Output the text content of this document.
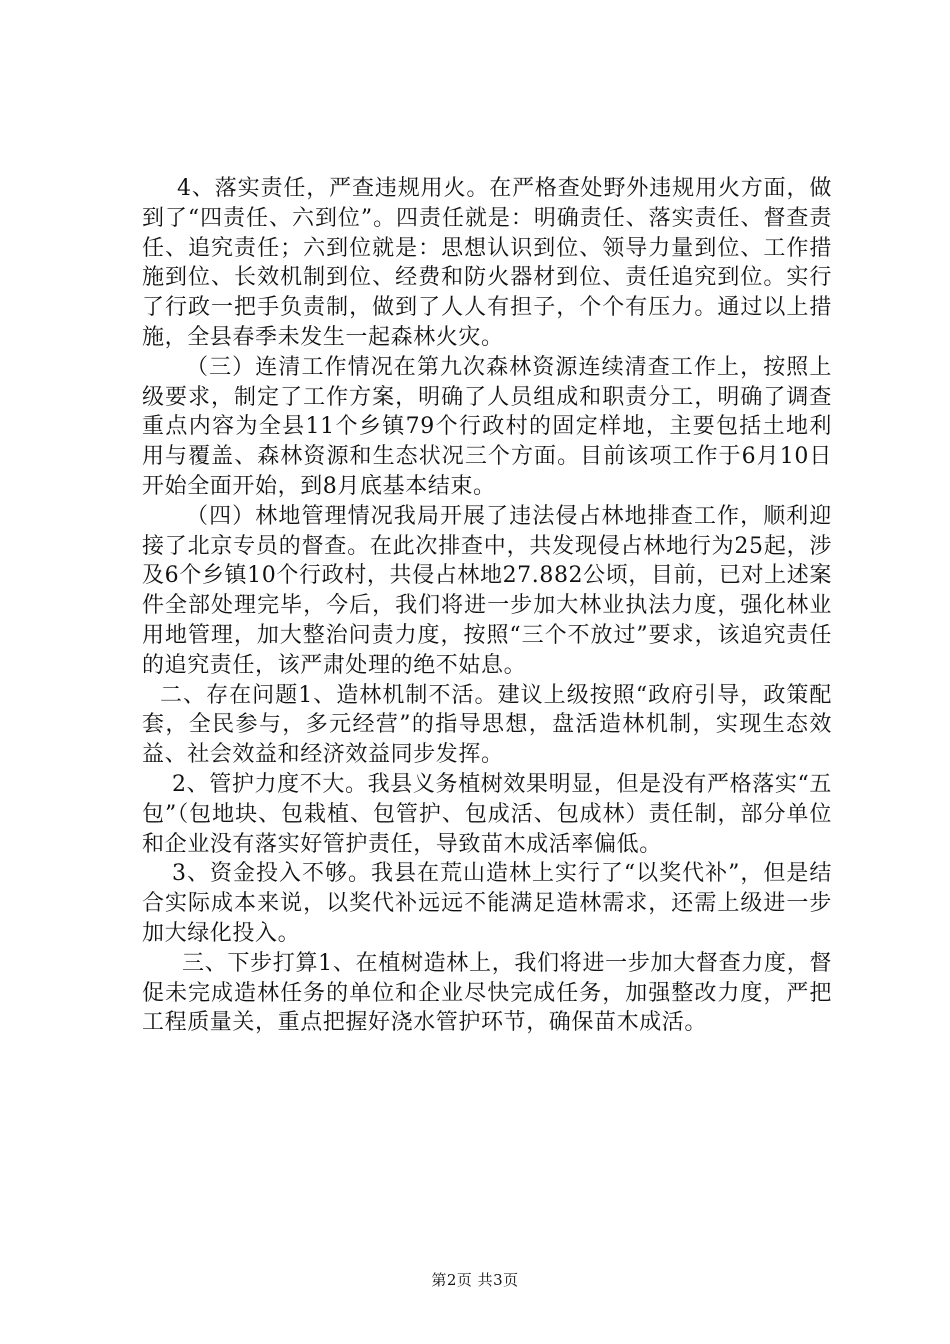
4、落实责任，严查违规用火。在严格查处野外违规用火方面，做到了“四责任、六到位”。四责任就是：明确责任、落实责任、督查责任、追究责任；六到位就是：思想认识到位、领导力量到位、工作措施到位、长效机制到位、经费和防火器材到位、责任追究到位。实行了行政一把手负责制，做到了人人有担子，个个有压力。通过以上措施，全县春季未发生一起森林火灾。

（三）连清工作情况在第九次森林资源连续清查工作上，按照上级要求，制定了工作方案，明确了人员组成和职责分工，明确了调查重点内容为全县11个乡镇79个行政村的固定样地，主要包括土地利用与覆盖、森林资源和生态状况三个方面。目前该项工作于6月10日开始全面开始，到8月底基本结束。

（四）林地管理情况我局开展了违法侵占林地排查工作，顺利迎接了北京专员的督查。在此次排查中，共发现侵占林地行为25起，涉及6个乡镇10个行政村，共侵占林地27.882公顷，目前，已对上述案件全部处理完毕，今后，我们将进一步加大林业执法力度，强化林业用地管理，加大整治问责力度，按照“三个不放过”要求，该追究责任的追究责任，该严肃处理的绝不姑息。

二、存在问题1、造林机制不活。建议上级按照“政府引导，政策配套，全民参与，多元经营”的指导思想，盘活造林机制，实现生态效益、社会效益和经济效益同步发挥。

2、管护力度不大。我县义务植树效果明显，但是没有严格落实“五包”（包地块、包栽植、包管护、包成活、包成林）责任制，部分单位和企业没有落实好管护责任，导致苗木成活率偏低。

3、资金投入不够。我县在荒山造林上实行了“以奖代补”，但是结合实际成本来说，以奖代补远远不能满足造林需求，还需上级进一步加大绿化投入。

三、下步打算1、在植树造林上，我们将进一步加大督查力度，督促未完成造林任务的单位和企业尽快完成任务，加强整改力度，严把工程质量关，重点把握好浇水管护环节，确保苗木成活。

第2页 共3页
